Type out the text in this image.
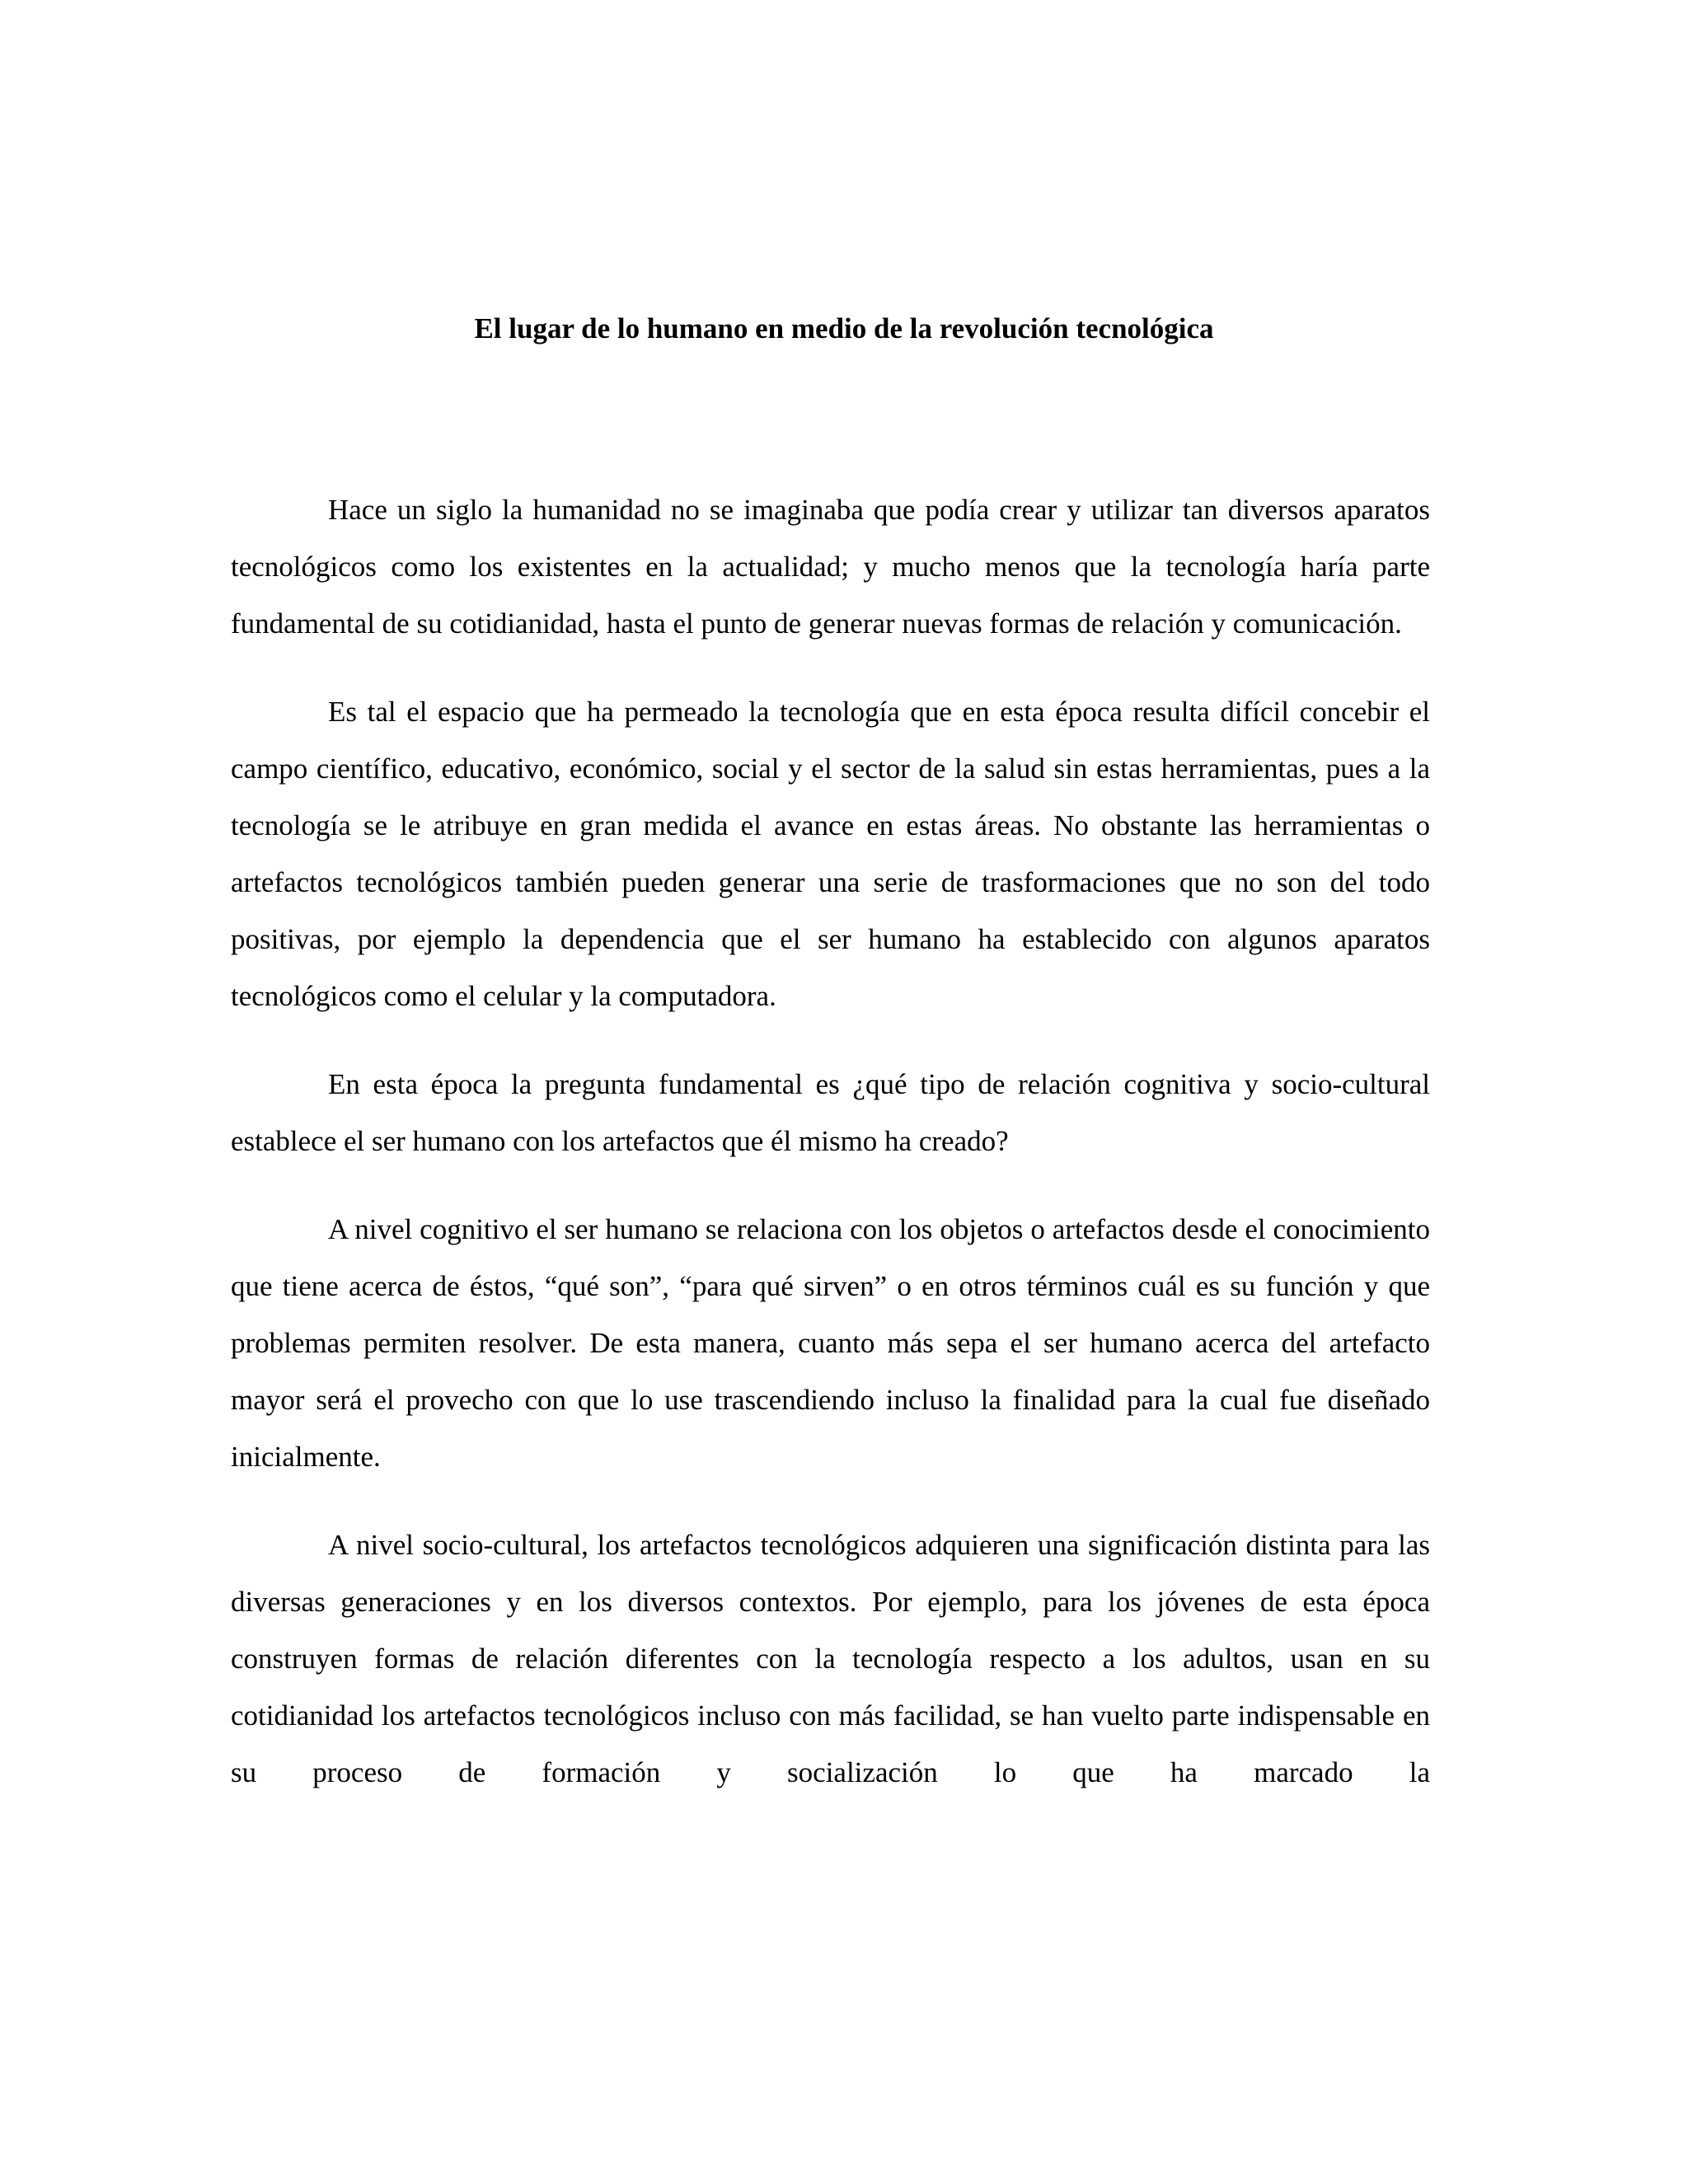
El lugar de lo humano en medio de la revolución tecnológica

Hace un siglo la humanidad no se imaginaba que podía crear y utilizar tan diversos aparatos tecnológicos como los existentes en la actualidad; y mucho menos que la tecnología haría parte fundamental de su cotidianidad, hasta el punto de generar nuevas formas de relación y comunicación.

Es tal el espacio que ha permeado la tecnología que en esta época resulta difícil concebir el campo científico, educativo, económico, social y el sector de la salud sin estas herramientas, pues a la tecnología se le atribuye en gran medida el avance en estas áreas. No obstante las herramientas o artefactos tecnológicos también pueden generar una serie de trasformaciones que no son del todo positivas, por ejemplo la dependencia que el ser humano ha establecido con algunos aparatos tecnológicos como el celular y la computadora.

En esta época la pregunta fundamental es ¿qué tipo de relación cognitiva y socio-cultural establece el ser humano con los artefactos que él mismo ha creado?

A nivel cognitivo el ser humano se relaciona con los objetos o artefactos desde el conocimiento que tiene acerca de éstos, “qué son”, “para qué sirven” o en otros términos cuál es su función y que problemas permiten resolver. De esta manera, cuanto más sepa el ser humano acerca del artefacto mayor será el provecho con que lo use trascendiendo incluso la finalidad para la cual fue diseñado inicialmente.

A nivel socio-cultural, los artefactos tecnológicos adquieren una significación distinta para las diversas generaciones y en los diversos contextos. Por ejemplo, para los jóvenes de esta época construyen formas de relación diferentes con la tecnología respecto a los adultos, usan en su cotidianidad los artefactos tecnológicos incluso con más facilidad, se han vuelto parte indispensable en su proceso de formación y socialización lo que ha marcado la
